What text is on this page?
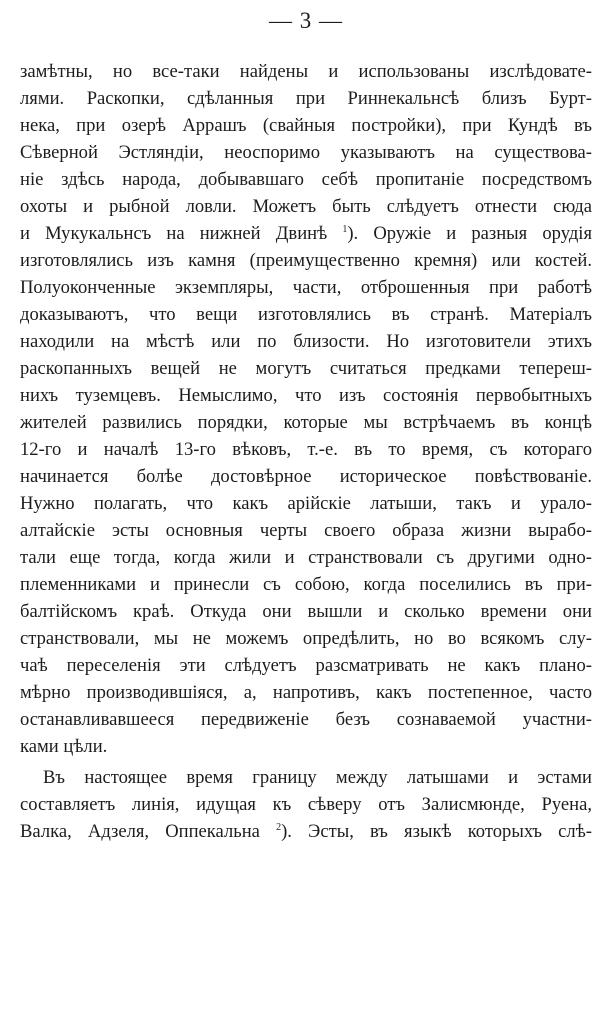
— 3 —
замѣтны, но все-таки найдены и использованы изслѣдовате-
лями. Раскопки, сдѣланныя при Риннекальнсѣ близъ Бурт-
нека, при озерѣ Аррашъ (свайныя постройки), при Кундѣ въ
Сѣверной Эстляндіи, неоспоримо указываютъ на существова-
ніе здѣсь народа, добывавшаго себѣ пропитаніе посредствомъ
охоты и рыбной ловли. Можетъ быть слѣдуетъ отнести сюда
и Мукукальнсъ на нижней Двинѣ $^1$). Оружіе и разныя орудія
изготовлялись изъ камня (преимущественно кремня) или костей.
Полуоконченные экземпляры, части, отброшенныя при работѣ
доказываютъ, что вещи изготовлялись въ странѣ. Матеріалъ
находили на мѣстѣ или по близости. Но изготовители этихъ
раскопанныхъ вещей не могутъ считаться предками тепереш-
нихъ туземцевъ. Немыслимо, что изъ состоянія первобытныхъ
жителей развились порядки, которые мы встрѣчаемъ въ концѣ
12-го и началѣ 13-го вѣковъ, т.-е. въ то время, съ котораго
начинается болѣе достовѣрное историческое повѣствованіе.
Нужно полагать, что какъ арійскіе латыши, такъ и урало-
алтайскіе эсты основныя черты своего образа жизни вырабо-
тали еще тогда, когда жили и странствовали съ другими одно-
племенниками и принесли съ собою, когда поселились въ при-
балтійскомъ краѣ. Откуда они вышли и сколько времени они
странствовали, мы не можемъ опредѣлить, но во всякомъ слу-
чаѣ переселенія эти слѣдуетъ разсматривать не какъ плано-
мѣрно производившіяся, а, напротивъ, какъ постепенное, часто
останавливавшееся передвиженіе безъ сознаваемой участни-
ками цѣли.
Въ настоящее время границу между латышами и эстами
составляетъ линія, идущая къ сѣверу отъ Залисмюнде, Руена,
Валка, Адзеля, Оппекальна $^2$). Эсты, въ языкѣ которыхъ слѣ-
